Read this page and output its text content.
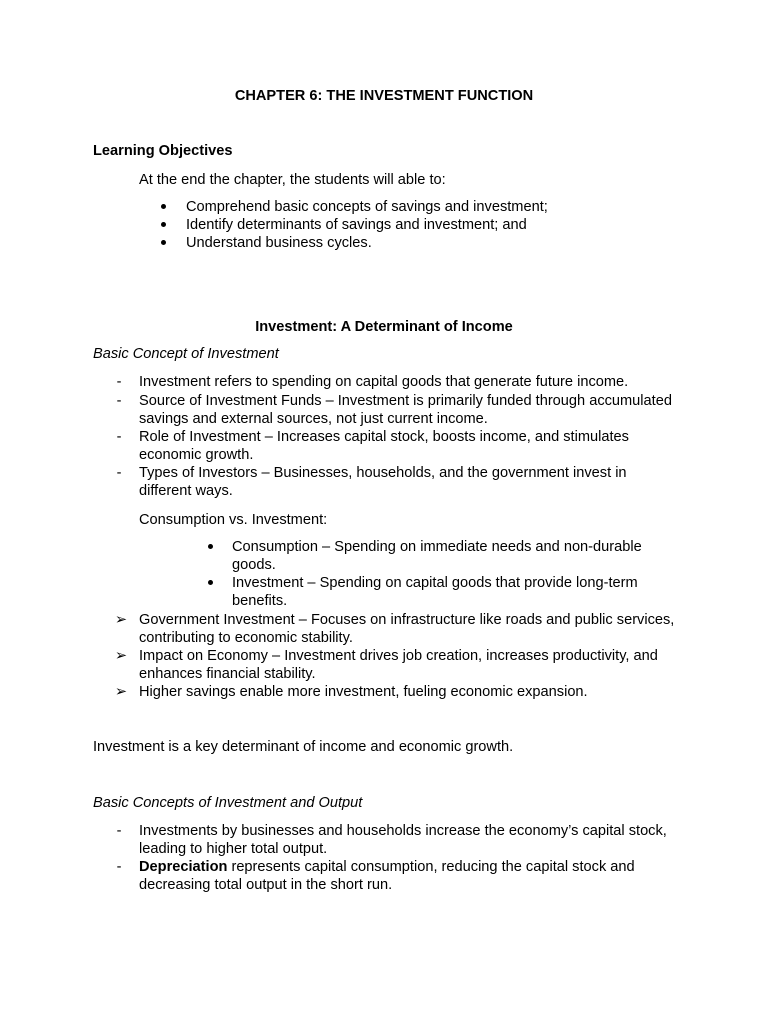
CHAPTER 6: THE INVESTMENT FUNCTION
Learning Objectives
At the end the chapter, the students will able to:
Comprehend basic concepts of savings and investment;
Identify determinants of savings and investment; and
Understand business cycles.
Investment: A Determinant of Income
Basic Concept of Investment
-	Investment refers to spending on capital goods that generate future income.
-	Source of Investment Funds – Investment is primarily funded through accumulated savings and external sources, not just current income.
-	Role of Investment – Increases capital stock, boosts income, and stimulates economic growth.
-	Types of Investors – Businesses, households, and the government invest in different ways.
Consumption vs. Investment:
Consumption – Spending on immediate needs and non-durable goods.
Investment – Spending on capital goods that provide long-term benefits.
➢ Government Investment – Focuses on infrastructure like roads and public services, contributing to economic stability.
➢ Impact on Economy – Investment drives job creation, increases productivity, and enhances financial stability.
➢ Higher savings enable more investment, fueling economic expansion.
Investment is a key determinant of income and economic growth.
Basic Concepts of Investment and Output
-	Investments by businesses and households increase the economy’s capital stock, leading to higher total output.
-	Depreciation represents capital consumption, reducing the capital stock and decreasing total output in the short run.
